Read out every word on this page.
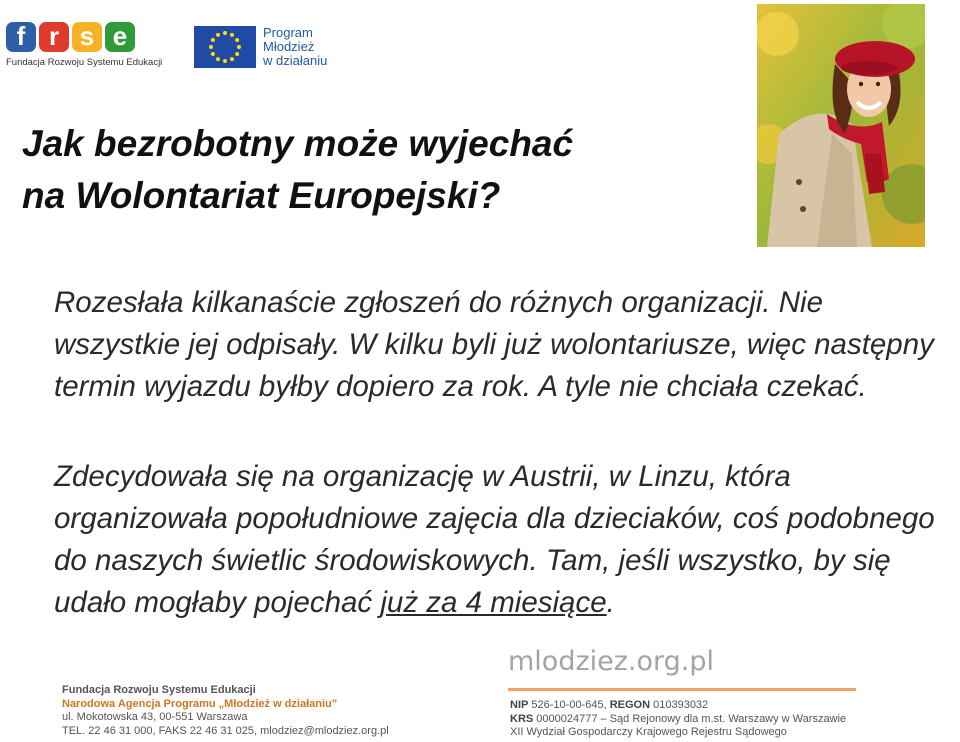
f r s e
Fundacja Rozwoju Systemu Edukacji
Program
Młodzież
w działaniu
Jak bezrobotny może wyjechać
na Wolontariat Europejski?
Rozesłała kilkanaście zgłoszeń do różnych organizacji. Nie wszystkie jej odpisały. W kilku byli już wolontariusze, więc następny termin wyjazdu byłby dopiero za rok. A tyle nie chciała czekać.
Zdecydowała się na organizację w Austrii, w Linzu, która organizowała popołudniowe zajęcia dla dzieciaków, coś podobnego do naszych świetlic środowiskowych. Tam, jeśli wszystko, by się udało mogłaby pojechać już za 4 miesiące.
Fundacja Rozwoju Systemu Edukacji
Narodowa Agencja Programu „Młodzież w działaniu”
ul. Mokotowska 43, 00-551 Warszawa
TEL. 22 46 31 000, FAKS 22 46 31 025, mlodziez@mlodziez.org.pl
mlodziez.org.pl
NIP 526-10-00-645, REGON 010393032
KRS 0000024777 – Sąd Rejonowy dla m.st. Warszawy w Warszawie
XII Wydział Gospodarczy Krajowego Rejestru Sądowego
